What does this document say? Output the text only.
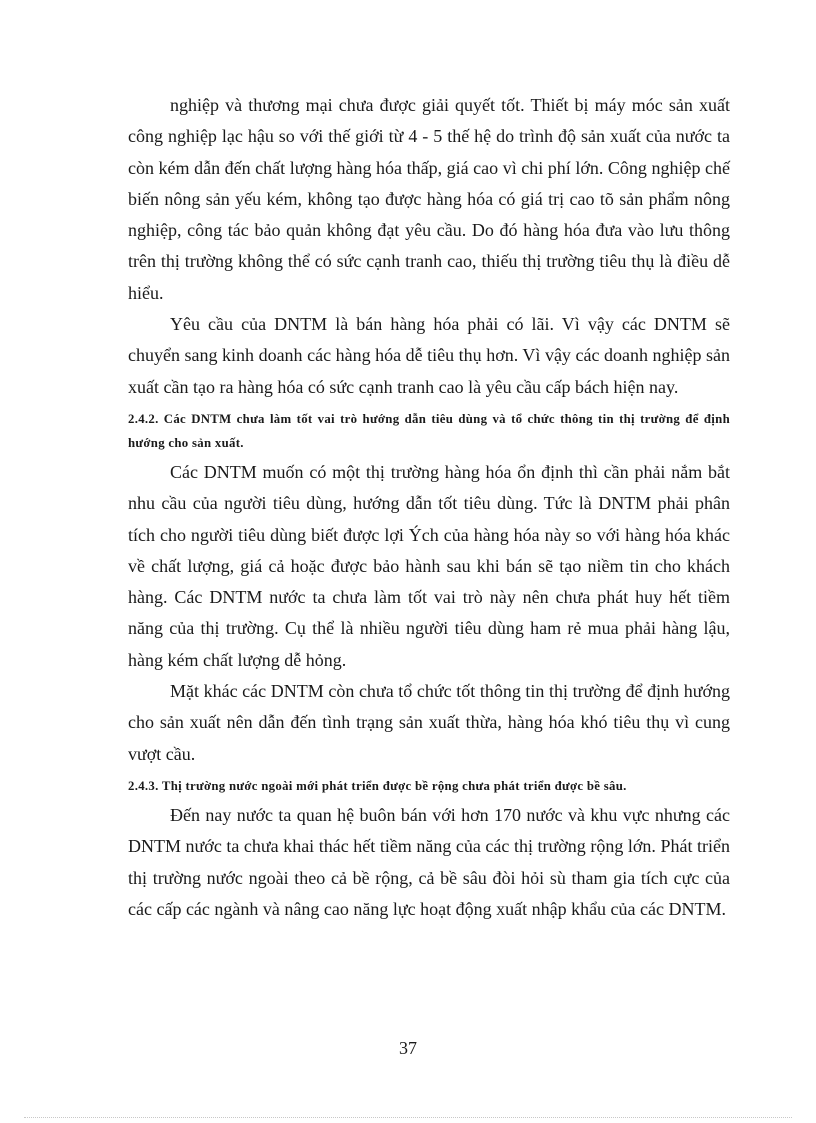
nghiệp và thương mại chưa được giải quyết tốt. Thiết bị máy móc sản xuất công nghiệp lạc hậu so với thế giới từ 4 - 5 thế hệ do trình độ sản xuất của nước ta còn kém dẫn đến chất lượng hàng hóa thấp, giá cao vì chi phí lớn. Công nghiệp chế biến nông sản yếu kém, không tạo được hàng hóa có giá trị cao tõ sản phẩm nông nghiệp, công tác bảo quản không đạt yêu cầu. Do đó hàng hóa đưa vào lưu thông trên thị trường không thể có sức cạnh tranh cao, thiếu thị trường tiêu thụ là điều dễ hiểu.

Yêu cầu của DNTM là bán hàng hóa phải có lãi. Vì vậy các DNTM sẽ chuyển sang kinh doanh các hàng hóa dễ tiêu thụ hơn. Vì vậy các doanh nghiệp sản xuất cần tạo ra hàng hóa có sức cạnh tranh cao là yêu cầu cấp bách hiện nay.

2.4.2. Các DNTM chưa làm tốt vai trò hướng dẫn tiêu dùng và tổ chức thông tin thị trường để định hướng cho sản xuất.

Các DNTM muốn có một thị trường hàng hóa ổn định thì cần phải nắm bắt nhu cầu của người tiêu dùng, hướng dẫn tốt tiêu dùng. Tức là DNTM phải phân tích cho người tiêu dùng biết được lợi Ých của hàng hóa này so với hàng hóa khác về chất lượng, giá cả hoặc được bảo hành sau khi bán sẽ tạo niềm tin cho khách hàng. Các DNTM nước ta chưa làm tốt vai trò này nên chưa phát huy hết tiềm năng của thị trường. Cụ thể là nhiều người tiêu dùng ham rẻ mua phải hàng lậu, hàng kém chất lượng dễ hỏng.

Mặt khác các DNTM còn chưa tổ chức tốt thông tin thị trường để định hướng cho sản xuất nên dẫn đến tình trạng sản xuất thừa, hàng hóa khó tiêu thụ vì cung vượt cầu.

2.4.3. Thị trường nước ngoài mới phát triển được bề rộng chưa phát triển được bề sâu.

Đến nay nước ta quan hệ buôn bán với hơn 170 nước và khu vực nhưng các DNTM nước ta chưa khai thác hết tiềm năng của các thị trường rộng lớn. Phát triển thị trường nước ngoài theo cả bề rộng, cả bề sâu đòi hỏi sù tham gia tích cực của các cấp các ngành và nâng cao năng lực hoạt động xuất nhập khẩu của các DNTM.

37
